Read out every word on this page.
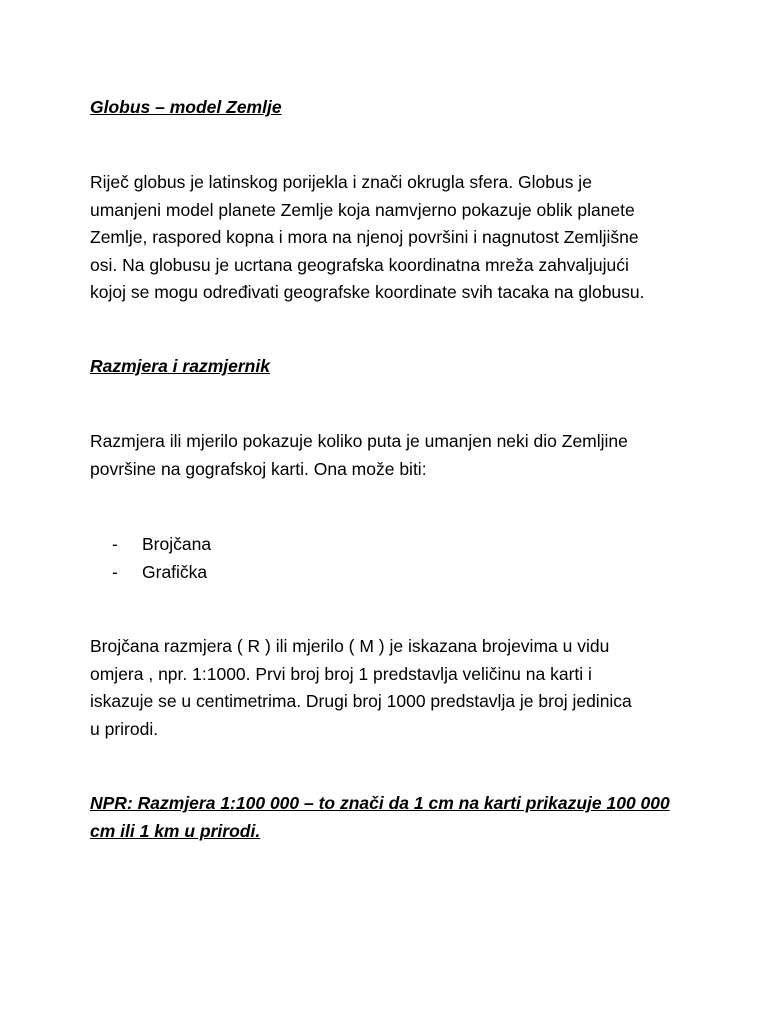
Globus – model Zemlje

Riječ globus je latinskog porijekla i znači okrugla sfera. Globus je
umanjeni model planete Zemlje koja namvjerno pokazuje oblik planete
Zemlje, raspored kopna i mora na njenoj površini i nagnutost Zemljišne
osi. Na globusu je ucrtana geografska koordinatna mreža zahvaljujući
kojoj se mogu određivati geografske koordinate svih tacaka na globusu.

Razmjera i razmjernik

Razmjera ili mjerilo pokazuje koliko puta je umanjen neki dio Zemljine
površine na gografskoj karti. Ona može biti:

- Brojčana
- Grafička

Brojčana razmjera ( R ) ili mjerilo ( M ) je iskazana brojevima u vidu
omjera , npr. 1:1000. Prvi broj broj 1 predstavlja veličinu na karti i
iskazuje se u centimetrima. Drugi broj 1000 predstavlja je broj jedinica
u prirodi.

NPR: Razmjera 1:100 000 – to znači da 1 cm na karti prikazuje 100 000
cm ili 1 km u prirodi.
